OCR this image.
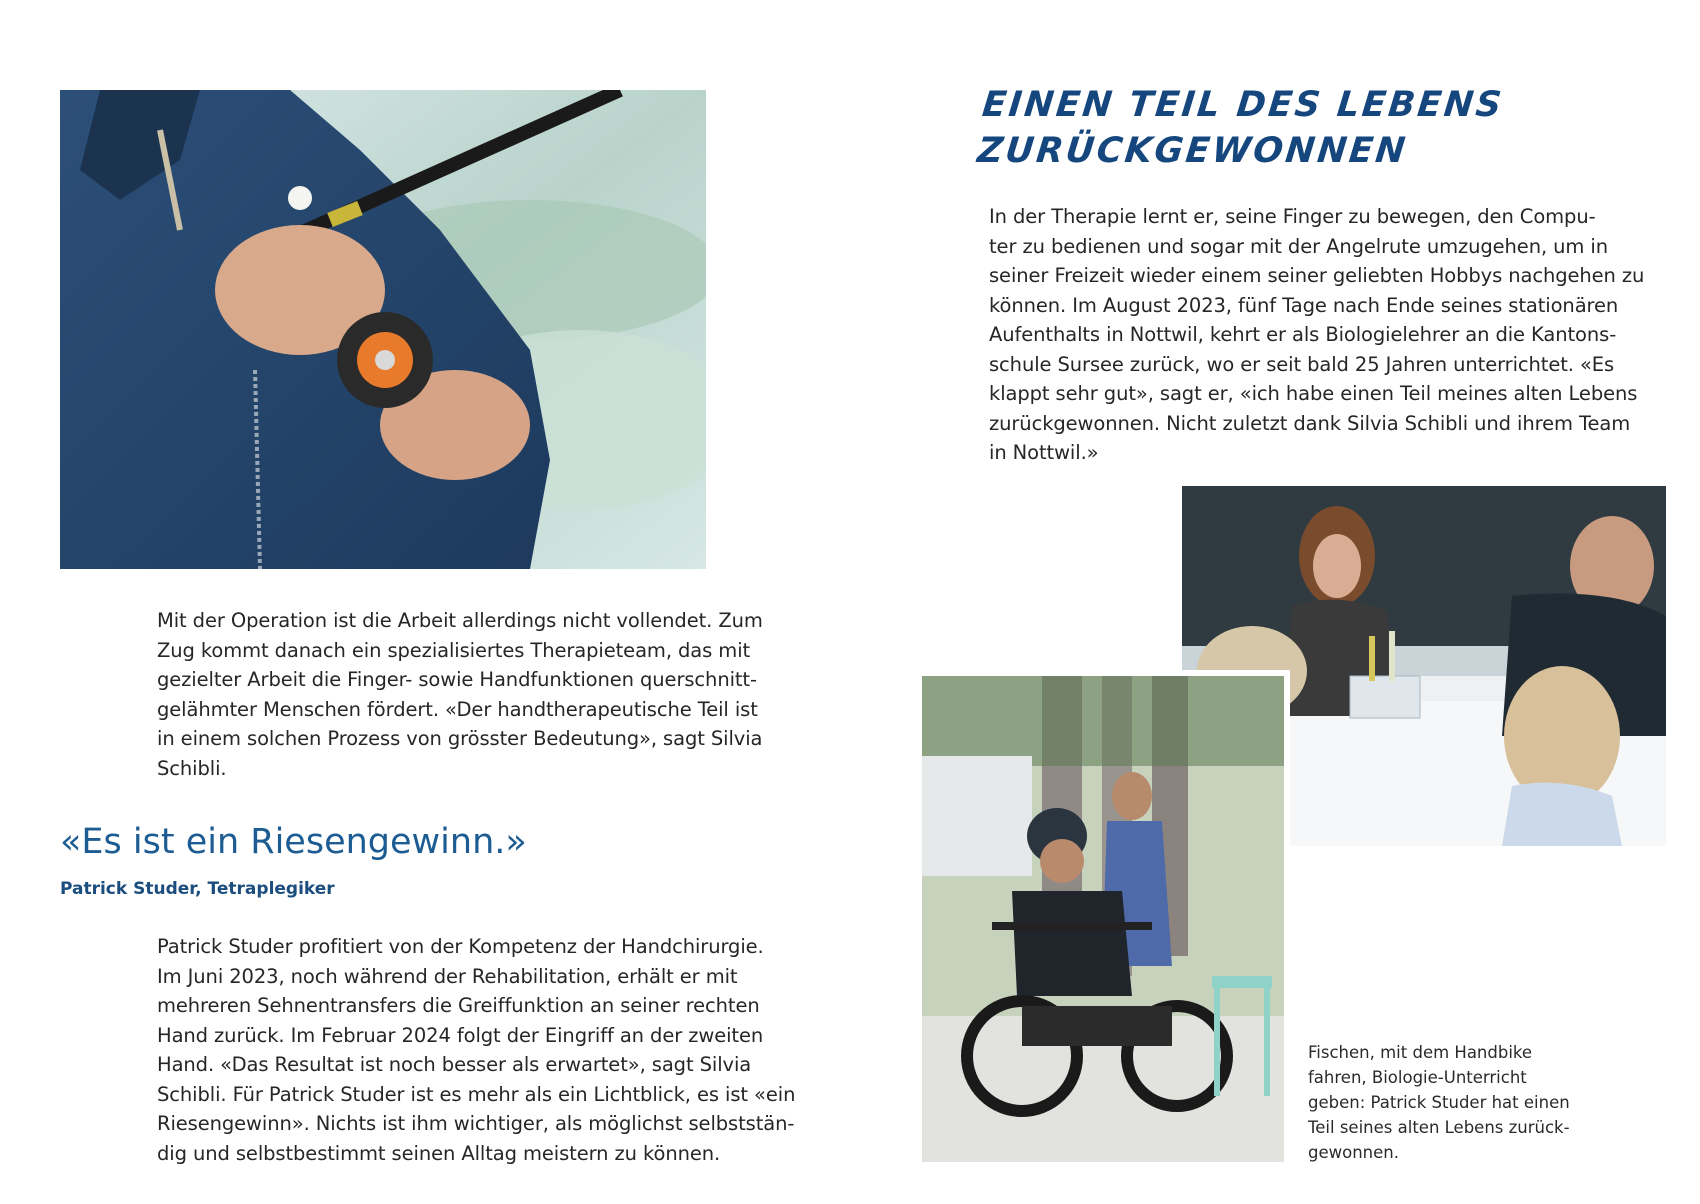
EINEN TEIL DES LEBENS
ZURÜCKGEWONNEN
In der Therapie lernt er, seine Finger zu bewegen, den Compu-
ter zu bedienen und sogar mit der Angelrute umzugehen, um in
seiner Freizeit wieder einem seiner geliebten Hobbys nachgehen zu
können. Im August 2023, fünf Tage nach Ende seines stationären
Aufenthalts in Nottwil, kehrt er als Biologielehrer an die Kantons-
schule Sursee zurück, wo er seit bald 25 Jahren unterrichtet. «Es
klappt sehr gut», sagt er, «ich habe einen Teil meines alten Lebens
zurückgewonnen. Nicht zuletzt dank Silvia Schibli und ihrem Team
in Nottwil.»
Mit der Operation ist die Arbeit allerdings nicht vollendet. Zum
Zug kommt danach ein spezialisiertes Therapieteam, das mit
gezielter Arbeit die Finger- sowie Handfunktionen querschnitt-
gelähmter Menschen fördert. «Der handtherapeutische Teil ist
in einem solchen Prozess von grösster Bedeutung», sagt Silvia
Schibli.
«Es ist ein Riesengewinn.»
Patrick Studer, Tetraplegiker
Patrick Studer profitiert von der Kompetenz der Handchirurgie.
Im Juni 2023, noch während der Rehabilitation, erhält er mit
mehreren Sehnentransfers die Greiffunktion an seiner rechten
Hand zurück. Im Februar 2024 folgt der Eingriff an der zweiten
Hand. «Das Resultat ist noch besser als erwartet», sagt Silvia
Schibli. Für Patrick Studer ist es mehr als ein Lichtblick, es ist «ein
Riesengewinn». Nichts ist ihm wichtiger, als möglichst selbststän-
dig und selbstbestimmt seinen Alltag meistern zu können.
Fischen, mit dem Handbike
fahren, Biologie-Unterricht
geben: Patrick Studer hat einen
Teil seines alten Lebens zurück-
gewonnen.
